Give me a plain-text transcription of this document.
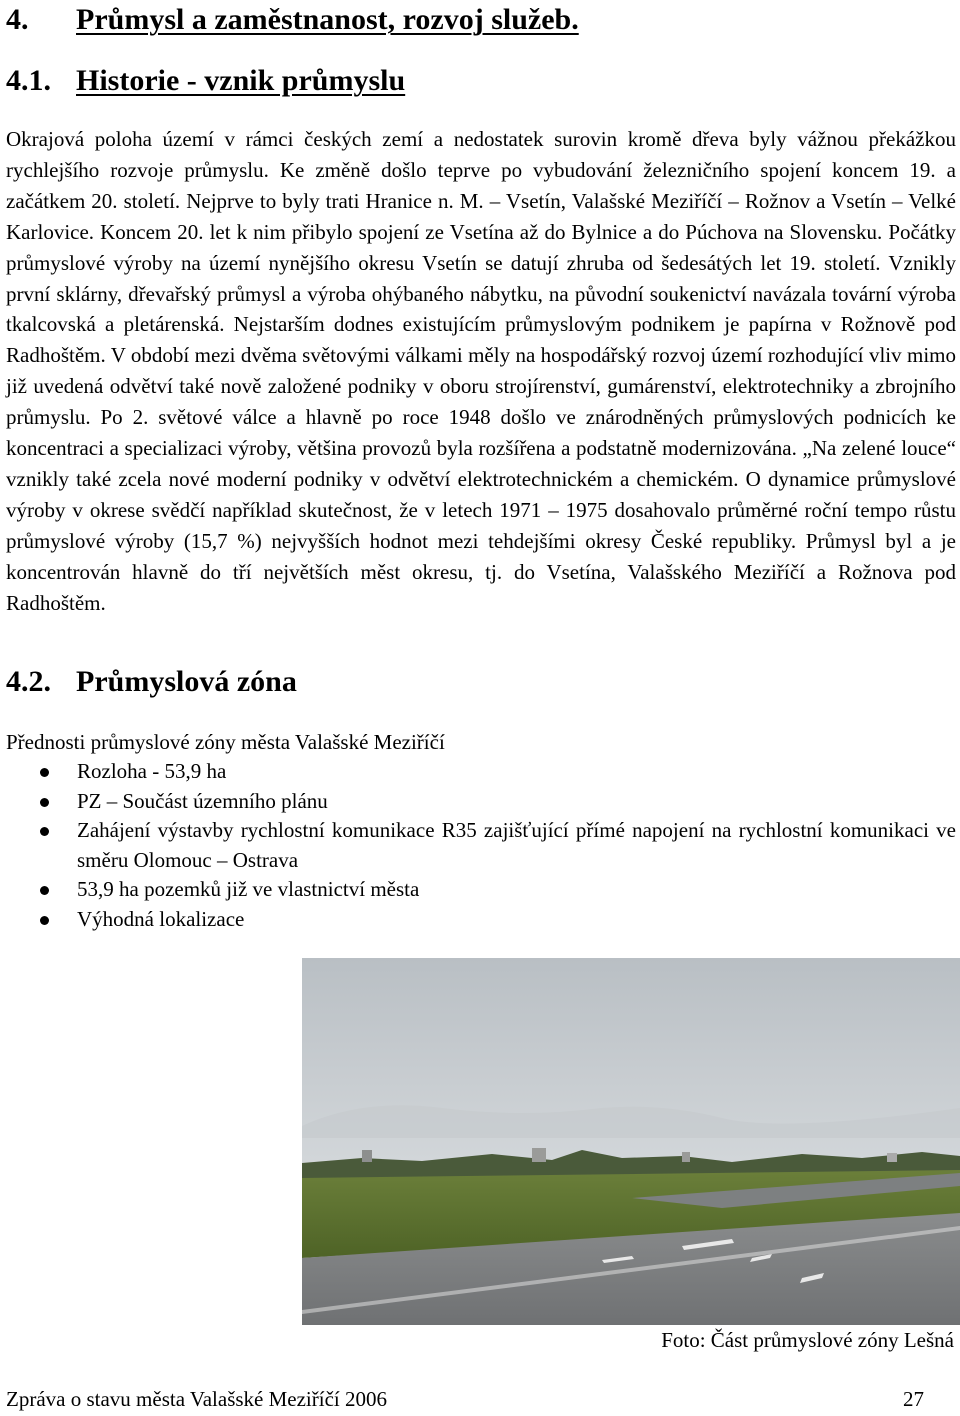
4. Průmysl a zaměstnanost, rozvoj služeb.
4.1. Historie - vznik průmyslu
Okrajová poloha území v rámci českých zemí a nedostatek surovin kromě dřeva byly vážnou překážkou rychlejšího rozvoje průmyslu. Ke změně došlo teprve po vybudování železničního spojení koncem 19. a začátkem 20. století. Nejprve to byly trati Hranice n. M. – Vsetín, Valašské Meziříčí – Rožnov a Vsetín – Velké Karlovice. Koncem 20. let k nim přibylo spojení ze Vsetína až do Bylnice a do Púchova na Slovensku. Počátky průmyslové výroby na území nynějšího okresu Vsetín se datují zhruba od šedesátých let 19. století. Vznikly první sklárny, dřevařský průmysl a výroba ohýbaného nábytku, na původní soukenictví navázala tovární výroba tkalcovská a pletárenská. Nejstarším dodnes existujícím průmyslovým podnikem je papírna v Rožnově pod Radhoštěm. V období mezi dvěma světovými válkami měly na hospodářský rozvoj území rozhodující vliv mimo již uvedená odvětví také nově založené podniky v oboru strojírenství, gumárenství, elektrotechniky a zbrojního průmyslu. Po 2. světové válce a hlavně po roce 1948 došlo ve znárodněných průmyslových podnicích ke koncentraci a specializaci výroby, většina provozů byla rozšířena a podstatně modernizována. „Na zelené louce“ vznikly také zcela nové moderní podniky v odvětví elektrotechnickém a chemickém. O dynamice průmyslové výroby v okrese svědčí například skutečnost, že v letech 1971 – 1975 dosahovalo průměrné roční tempo růstu průmyslové výroby (15,7 %) nejvyšších hodnot mezi tehdejšími okresy České republiky. Průmysl byl a je koncentrován hlavně do tří největších měst okresu, tj. do Vsetína, Valašského Meziříčí a Rožnova pod Radhoštěm.
4.2. Průmyslová zóna
Přednosti průmyslové zóny města Valašské Meziříčí
Rozloha - 53,9 ha
PZ – Součást územního plánu
Zahájení výstavby rychlostní komunikace R35 zajišťující přímé napojení na rychlostní komunikaci ve směru Olomouc – Ostrava
53,9 ha pozemků již ve vlastnictví města
Výhodná lokalizace
Foto: Část průmyslové zóny Lešná
Zpráva o stavu města Valašské Meziříčí 2006	27
